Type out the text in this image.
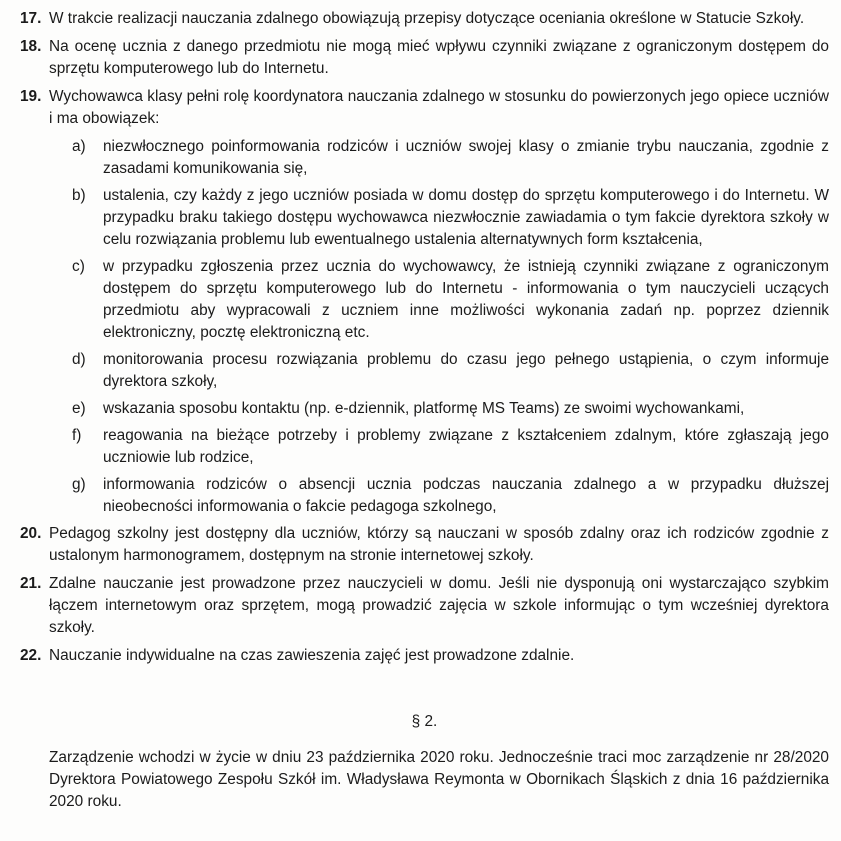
17. W trakcie realizacji nauczania zdalnego obowiązują przepisy dotyczące oceniania określone w Statucie Szkoły.
18. Na ocenę ucznia z danego przedmiotu nie mogą mieć wpływu czynniki związane z ograniczonym dostępem do sprzętu komputerowego lub do Internetu.
19. Wychowawca klasy pełni rolę koordynatora nauczania zdalnego w stosunku do powierzonych jego opiece uczniów i ma obowiązek:
a) niezwłocznego poinformowania rodziców i uczniów swojej klasy o zmianie trybu nauczania, zgodnie z zasadami komunikowania się,
b) ustalenia, czy każdy z jego uczniów posiada w domu dostęp do sprzętu komputerowego i do Internetu. W przypadku braku takiego dostępu wychowawca niezwłocznie zawiadamia o tym fakcie dyrektora szkoły w celu rozwiązania problemu lub ewentualnego ustalenia alternatywnych form kształcenia,
c) w przypadku zgłoszenia przez ucznia do wychowawcy, że istnieją czynniki związane z ograniczonym dostępem do sprzętu komputerowego lub do Internetu - informowania o tym nauczycieli uczących przedmiotu aby wypracowali z uczniem inne możliwości wykonania zadań np. poprzez dziennik elektroniczny, pocztę elektroniczną etc.
d) monitorowania procesu rozwiązania problemu do czasu jego pełnego ustąpienia, o czym informuje dyrektora szkoły,
e) wskazania sposobu kontaktu (np. e-dziennik, platformę MS Teams) ze swoimi wychowankami,
f) reagowania na bieżące potrzeby i problemy związane z kształceniem zdalnym, które zgłaszają jego uczniowie lub rodzice,
g) informowania rodziców o absencji ucznia podczas nauczania zdalnego a w przypadku dłuższej nieobecności informowania o fakcie pedagoga szkolnego,
20. Pedagog szkolny jest dostępny dla uczniów, którzy są nauczani w sposób zdalny oraz ich rodziców zgodnie z ustalonym harmonogramem, dostępnym na stronie internetowej szkoły.
21. Zdalne nauczanie jest prowadzone przez nauczycieli w domu. Jeśli nie dysponują oni wystarczająco szybkim łączem internetowym oraz sprzętem, mogą prowadzić zajęcia w szkole informując o tym wcześniej dyrektora szkoły.
22. Nauczanie indywidualne na czas zawieszenia zajęć jest prowadzone zdalnie.
§ 2.
Zarządzenie wchodzi w życie w dniu 23 października 2020 roku. Jednocześnie traci moc zarządzenie nr 28/2020 Dyrektora Powiatowego Zespołu Szkół im. Władysława Reymonta w Obornikach Śląskich z dnia 16 października 2020 roku.
